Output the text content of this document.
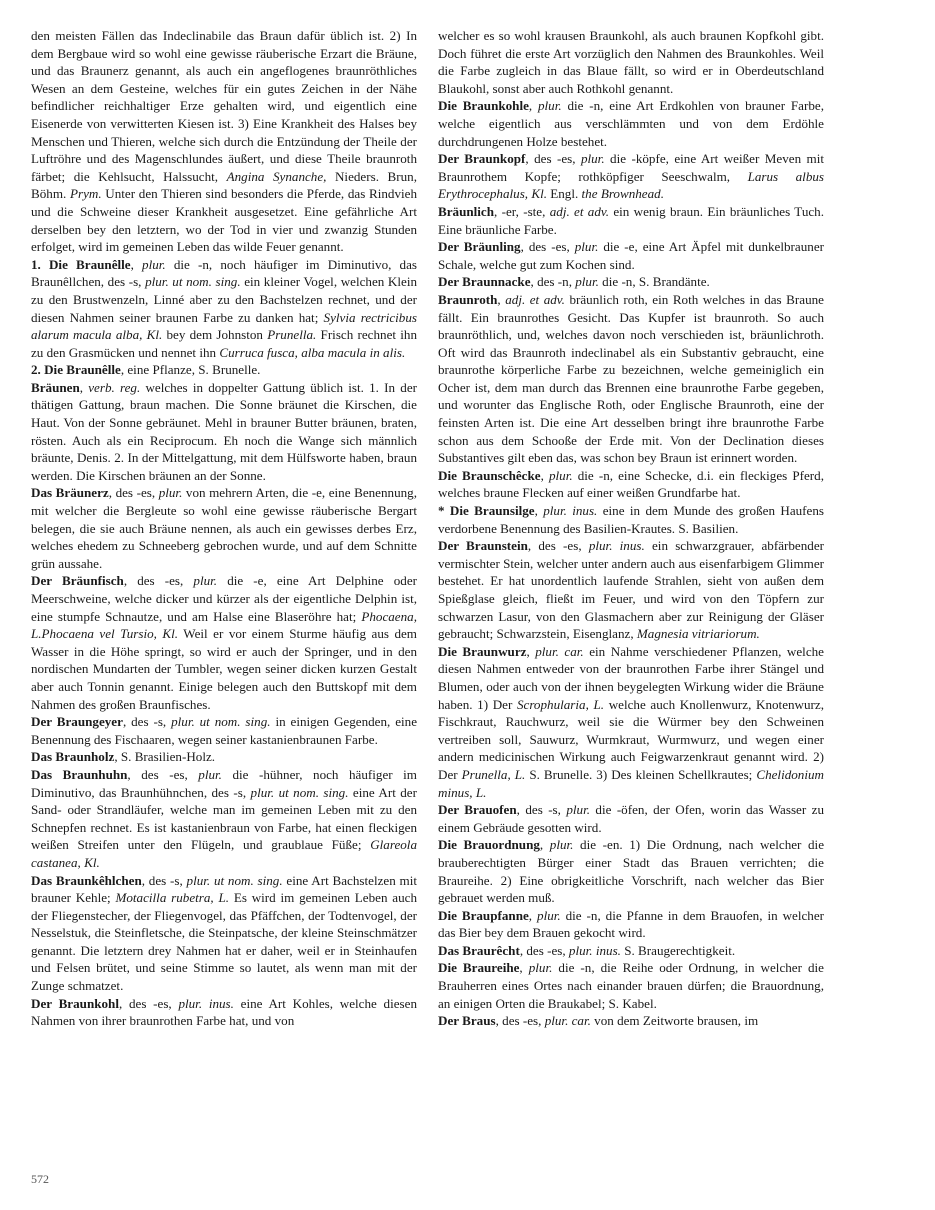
den meisten Fällen das Indeclinabile das Braun dafür üblich ist. 2) In dem Bergbaue wird so wohl eine gewisse räuberische Erzart die Bräune, und das Braunerz genannt, als auch ein angeflogenes braunröthliches Wesen an dem Gesteine, welches für ein gutes Zeichen in der Nähe befindlicher reichhaltiger Erze gehalten wird, und eigentlich eine Eisenerde von verwitterten Kiesen ist. 3) Eine Krankheit des Halses bey Menschen und Thieren, welche sich durch die Entzündung der Theile der Luftröhre und des Magenschlundes äußert, und diese Theile braunroth färbet; die Kehlsucht, Halssucht, Angina Synanche, Nieders. Brun, Böhm. Prym. Unter den Thieren sind besonders die Pferde, das Rindvieh und die Schweine dieser Krankheit ausgesetzet. Eine gefährliche Art derselben bey den letztern, wo der Tod in vier und zwanzig Stunden erfolget, wird im gemeinen Leben das wilde Feuer genannt.

1. Die Braunêlle, plur. die -n, noch häufiger im Diminutivo, das Braunêllchen, des -s, plur. ut nom. sing. ein kleiner Vogel, welchen Klein zu den Brustwenzeln, Linné aber zu den Bachstelzen rechnet, und der diesen Nahmen seiner braunen Farbe zu danken hat; Sylvia rectricibus alarum macula alba, Kl. bey dem Johnston Prunella. Frisch rechnet ihn zu den Grasmücken und nennet ihn Curruca fusca, alba macula in alis.

2. Die Braunêlle, eine Pflanze, S. Brunelle.

Bräunen, verb. reg. welches in doppelter Gattung üblich ist. 1. In der thätigen Gattung, braun machen. Die Sonne bräunet die Kirschen, die Haut. Von der Sonne gebräunet. Mehl in brauner Butter bräunen, braten, rösten. Auch als ein Reciprocum. Eh noch die Wange sich männlich bräunte, Denis. 2. In der Mittelgattung, mit dem Hülfsworte haben, braun werden. Die Kirschen bräunen an der Sonne.

Das Bräunerz, des -es, plur. von mehrern Arten, die -e, eine Benennung, mit welcher die Bergleute so wohl eine gewisse räuberische Bergart belegen, die sie auch Bräune nennen, als auch ein gewisses derbes Erz, welches ehedem zu Schneeberg gebrochen wurde, und auf dem Schnitte grün aussahe.

Der Bräunfisch, des -es, plur. die -e, eine Art Delphine oder Meerschweine, welche dicker und kürzer als der eigentliche Delphin ist, eine stumpfe Schnautze, und am Halse eine Blaseröhre hat; Phocaena, L.Phocaena vel Tursio, Kl. Weil er vor einem Sturme häufig aus dem Wasser in die Höhe springt, so wird er auch der Springer, und in den nordischen Mundarten der Tumbler, wegen seiner dicken kurzen Gestalt aber auch Tonnin genannt. Einige belegen auch den Buttskopf mit dem Nahmen des großen Braunfisches.

Der Braungeyer, des -s, plur. ut nom. sing. in einigen Gegenden, eine Benennung des Fischaaren, wegen seiner kastanienbraunen Farbe.

Das Braunholz, S. Brasilien-Holz.

Das Braunhuhn, des -es, plur. die -hühner, noch häufiger im Diminutivo, das Braunhühnchen, des -s, plur. ut nom. sing. eine Art der Sand- oder Strandläufer, welche man im gemeinen Leben mit zu den Schnepfen rechnet. Es ist kastanienbraun von Farbe, hat einen fleckigen weißen Streifen unter den Flügeln, und graublaue Füße; Glareola castanea, Kl.

Das Braunkêhlchen, des -s, plur. ut nom. sing. eine Art Bachstelzen mit brauner Kehle; Motacilla rubetra, L. Es wird im gemeinen Leben auch der Fliegenstecher, der Fliegenvogel, das Pfäffchen, der Todtenvogel, der Nesselstuk, die Steinfletsche, die Steinpatsche, der kleine Steinschmätzer genannt. Die letztern drey Nahmen hat er daher, weil er in Steinhaufen und Felsen brütet, und seine Stimme so lautet, als wenn man mit der Zunge schmatzet.

Der Braunkohl, des -es, plur. inus. eine Art Kohles, welche diesen Nahmen von ihrer braunrothen Farbe hat, und von

welcher es so wohl krausen Braunkohl, als auch braunen Kopfkohl gibt. Doch führet die erste Art vorzüglich den Nahmen des Braunkohles. Weil die Farbe zugleich in das Blaue fällt, so wird er in Oberdeutschland Blaukohl, sonst aber auch Rothkohl genannt.

Die Braunkohle, plur. die -n, eine Art Erdkohlen von brauner Farbe, welche eigentlich aus verschlämmten und von dem Erdöhle durchdrungenen Holze bestehet.

Der Braunkopf, des -es, plur. die -köpfe, eine Art weißer Meven mit Braunrothem Kopfe; rothköpfiger Seeschwalm, Larus albus Erythrocephalus, Kl. Engl. the Brownhead.

Bräunlich, -er, -ste, adj. et adv. ein wenig braun. Ein bräunliches Tuch. Eine bräunliche Farbe.

Der Bräunling, des -es, plur. die -e, eine Art Äpfel mit dunkelbrauner Schale, welche gut zum Kochen sind.

Der Braunnacke, des -n, plur. die -n, S. Brandänte.

Braunroth, adj. et adv. bräunlich roth, ein Roth welches in das Braune fällt. Ein braunrothes Gesicht. Das Kupfer ist braunroth. So auch braunröthlich, und, welches davon noch verschieden ist, bräunlichroth. Oft wird das Braunroth indeclinabel als ein Substantiv gebraucht, eine braunrothe körperliche Farbe zu bezeichnen, welche gemeiniglich ein Ocher ist, dem man durch das Brennen eine braunrothe Farbe gegeben, und worunter das Englische Roth, oder Englische Braunroth, eine der feinsten Arten ist. Die eine Art desselben bringt ihre braunrothe Farbe schon aus dem Schooße der Erde mit. Von der Declination dieses Substantives gilt eben das, was schon bey Braun ist erinnert worden.

Die Braunschêcke, plur. die -n, eine Schecke, d.i. ein fleckiges Pferd, welches braune Flecken auf einer weißen Grundfarbe hat.

* Die Braunsilge, plur. inus. eine in dem Munde des großen Haufens verdorbene Benennung des Basilien-Krautes. S. Basilien.

Der Braunstein, des -es, plur. inus. ein schwarzgrauer, abfärbender vermischter Stein, welcher unter andern auch aus eisenfarbigem Glimmer bestehet. Er hat unordentlich laufende Strahlen, sieht von außen dem Spießglase gleich, fließt im Feuer, und wird von den Töpfern zur schwarzen Lasur, von den Glasmachern aber zur Reinigung der Gläser gebraucht; Schwarzstein, Eisenglanz, Magnesia vitriariorum.

Die Braunwurz, plur. car. ein Nahme verschiedener Pflanzen, welche diesen Nahmen entweder von der braunrothen Farbe ihrer Stängel und Blumen, oder auch von der ihnen beygelegten Wirkung wider die Bräune haben. 1) Der Scrophularia, L. welche auch Knollenwurz, Knotenwurz, Fischkraut, Rauchwurz, weil sie die Würmer bey den Schweinen vertreiben soll, Sauwurz, Wurmkraut, Wurmwurz, und wegen einer andern medicinischen Wirkung auch Feigwarzenkraut genannt wird. 2) Der Prunella, L. S. Brunelle. 3) Des kleinen Schellkrautes; Chelidonium minus, L.

Der Brauofen, des -s, plur. die -öfen, der Ofen, worin das Wasser zu einem Gebräude gesotten wird.

Die Brauordnung, plur. die -en. 1) Die Ordnung, nach welcher die brauberechtigten Bürger einer Stadt das Brauen verrichten; die Braureihe. 2) Eine obrigkeitliche Vorschrift, nach welcher das Bier gebrauet werden muß.

Die Braupfanne, plur. die -n, die Pfanne in dem Brauofen, in welcher das Bier bey dem Brauen gekocht wird.

Das Braurêcht, des -es, plur. inus. S. Braugerechtigkeit.

Die Braureihe, plur. die -n, die Reihe oder Ordnung, in welcher die Brauherren eines Ortes nach einander brauen dürfen; die Brauordnung, an einigen Orten die Braukabel; S. Kabel.

Der Braus, des -es, plur. car. von dem Zeitworte brausen, im

572
